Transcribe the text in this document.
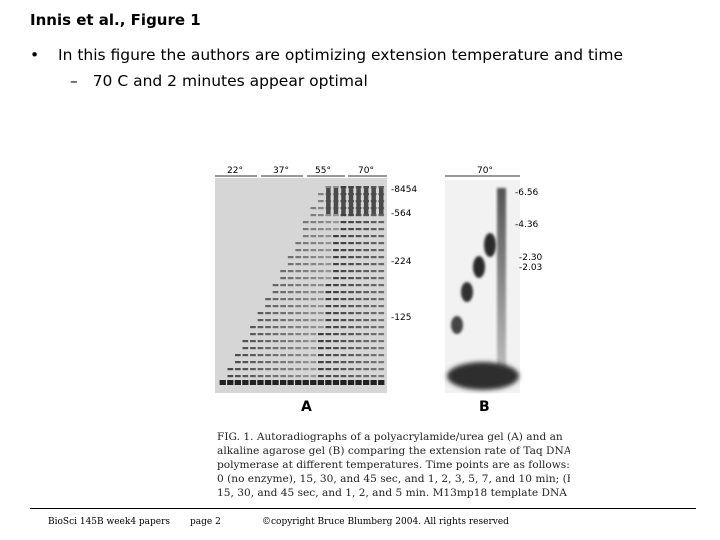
Innis et al., Figure 1
• In this figure the authors are optimizing extension temperature and time
– 70 C and 2 minutes appear optimal
22°	37°	55°	70°
-8454
-564
-224
-125
A
70°
-6.56
-4.36
-2.30
-2.03
B
FIG. 1. Autoradiographs of a polyacrylamide/urea gel (A) and an
alkaline agarose gel (B) comparing the extension rate of Taq DNA
polymerase at different temperatures. Time points are as follows: (A)
0 (no enzyme), 15, 30, and 45 sec, and 1, 2, 3, 5, 7, and 10 min; (B)
15, 30, and 45 sec, and 1, 2, and 5 min. M13mp18 template DNA (2
BioSci 145B week4 papers page 2	©copyright Bruce Blumberg 2004. All rights reserved
